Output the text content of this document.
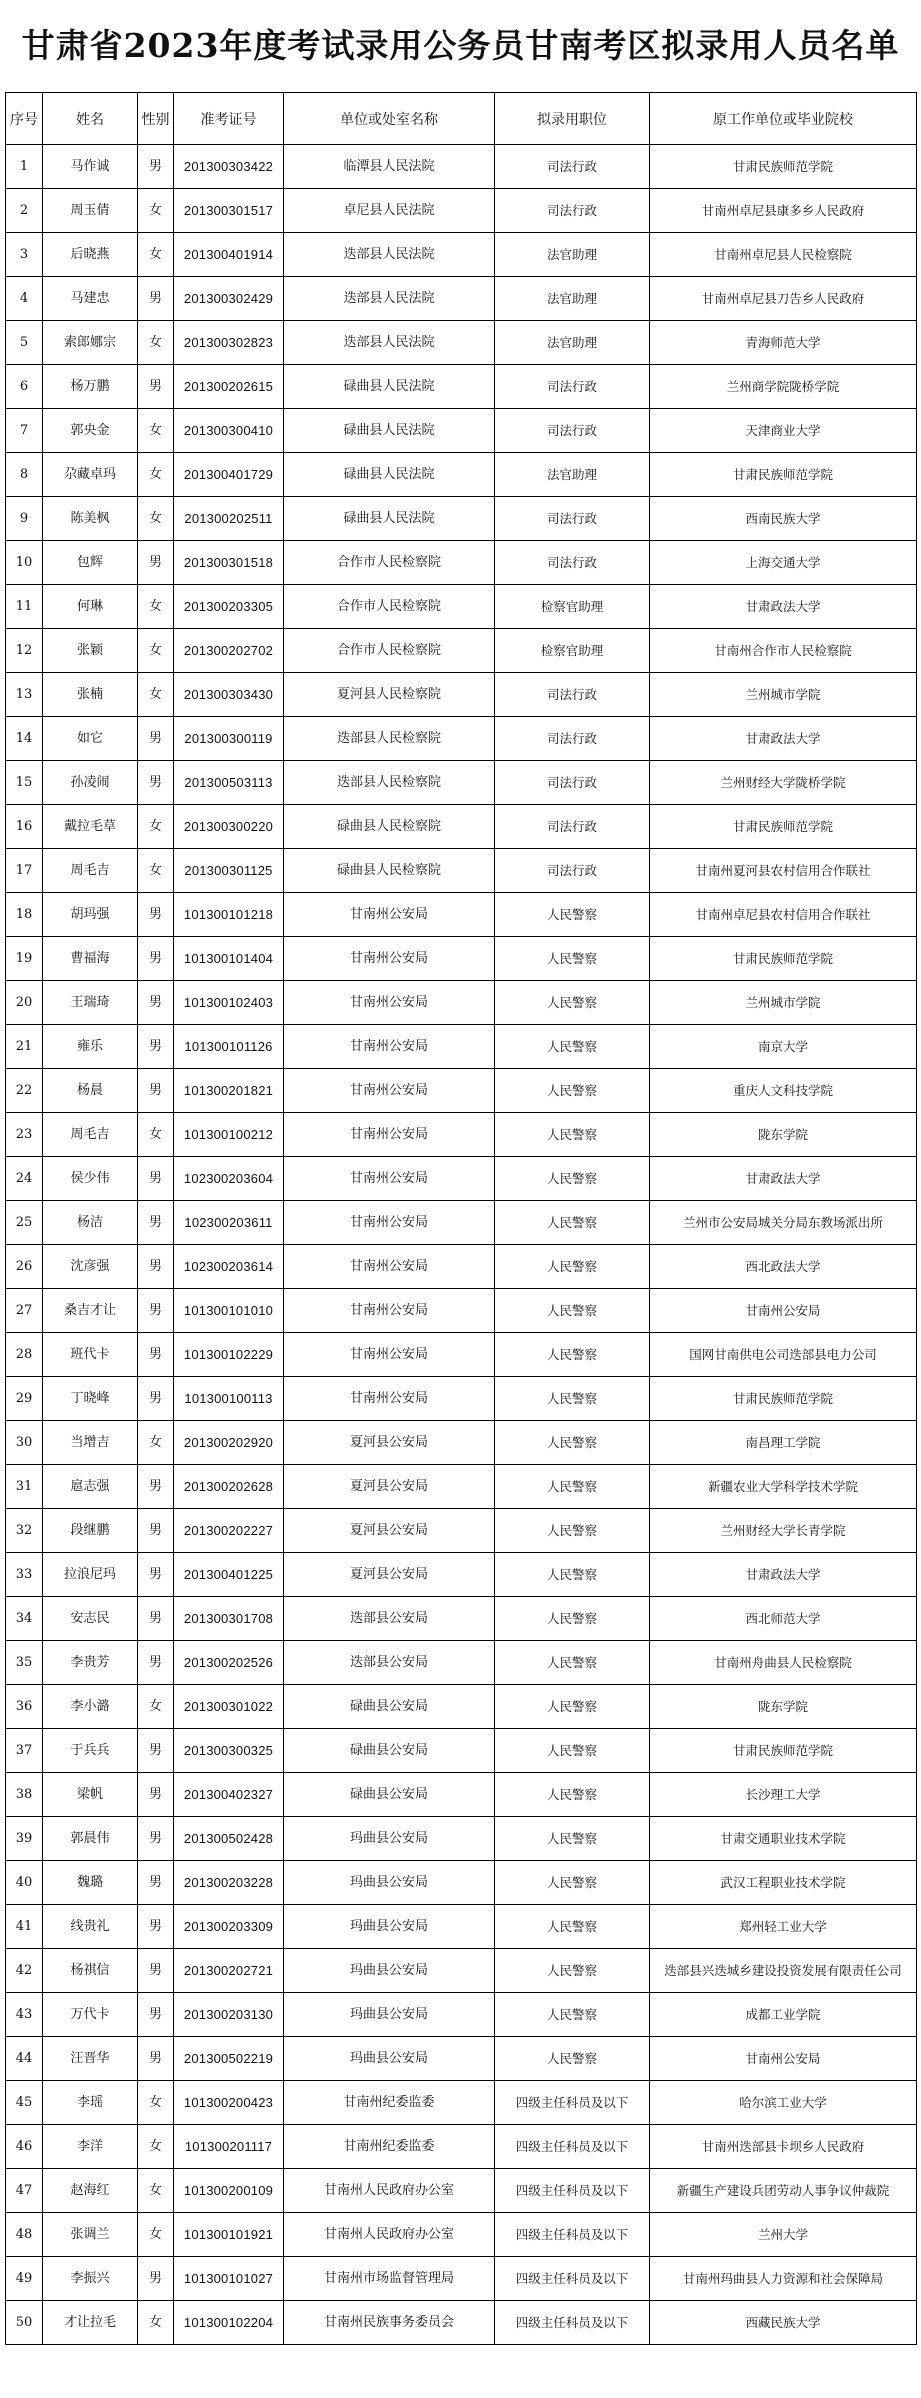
甘肃省2023年度考试录用公务员甘南考区拟录用人员名单
序号	姓名	性别	准考证号	单位或处室名称	拟录用职位	原工作单位或毕业院校
1	马作诚	男	201300303422	临潭县人民法院	司法行政	甘肃民族师范学院
2	周玉倩	女	201300301517	卓尼县人民法院	司法行政	甘南州卓尼县康多乡人民政府
3	后晓燕	女	201300401914	迭部县人民法院	法官助理	甘南州卓尼县人民检察院
4	马建忠	男	201300302429	迭部县人民法院	法官助理	甘南州卓尼县刀告乡人民政府
5	索郎娜宗	女	201300302823	迭部县人民法院	法官助理	青海师范大学
6	杨万鹏	男	201300202615	碌曲县人民法院	司法行政	兰州商学院陇桥学院
7	郭央金	女	201300300410	碌曲县人民法院	司法行政	天津商业大学
8	尕藏卓玛	女	201300401729	碌曲县人民法院	法官助理	甘肃民族师范学院
9	陈美枫	女	201300202511	碌曲县人民法院	司法行政	西南民族大学
10	包辉	男	201300301518	合作市人民检察院	司法行政	上海交通大学
11	何琳	女	201300203305	合作市人民检察院	检察官助理	甘肃政法大学
12	张颖	女	201300202702	合作市人民检察院	检察官助理	甘南州合作市人民检察院
13	张楠	女	201300303430	夏河县人民检察院	司法行政	兰州城市学院
14	如它	男	201300300119	迭部县人民检察院	司法行政	甘肃政法大学
15	孙凌闹	男	201300503113	迭部县人民检察院	司法行政	兰州财经大学陇桥学院
16	戴拉毛草	女	201300300220	碌曲县人民检察院	司法行政	甘肃民族师范学院
17	周毛吉	女	201300301125	碌曲县人民检察院	司法行政	甘南州夏河县农村信用合作联社
18	胡玛强	男	101300101218	甘南州公安局	人民警察	甘南州卓尼县农村信用合作联社
19	曹福海	男	101300101404	甘南州公安局	人民警察	甘肃民族师范学院
20	王瑞琦	男	101300102403	甘南州公安局	人民警察	兰州城市学院
21	雍乐	男	101300101126	甘南州公安局	人民警察	南京大学
22	杨晨	男	101300201821	甘南州公安局	人民警察	重庆人文科技学院
23	周毛吉	女	101300100212	甘南州公安局	人民警察	陇东学院
24	侯少伟	男	102300203604	甘南州公安局	人民警察	甘肃政法大学
25	杨洁	男	102300203611	甘南州公安局	人民警察	兰州市公安局城关分局东教场派出所
26	沈彦强	男	102300203614	甘南州公安局	人民警察	西北政法大学
27	桑吉才让	男	101300101010	甘南州公安局	人民警察	甘南州公安局
28	班代卡	男	101300102229	甘南州公安局	人民警察	国网甘南供电公司迭部县电力公司
29	丁晓峰	男	101300100113	甘南州公安局	人民警察	甘肃民族师范学院
30	当增吉	女	201300202920	夏河县公安局	人民警察	南昌理工学院
31	扈志强	男	201300202628	夏河县公安局	人民警察	新疆农业大学科学技术学院
32	段继鹏	男	201300202227	夏河县公安局	人民警察	兰州财经大学长青学院
33	拉浪尼玛	男	201300401225	夏河县公安局	人民警察	甘肃政法大学
34	安志民	男	201300301708	迭部县公安局	人民警察	西北师范大学
35	李贵芳	男	201300202526	迭部县公安局	人民警察	甘南州舟曲县人民检察院
36	李小潞	女	201300301022	碌曲县公安局	人民警察	陇东学院
37	于兵兵	男	201300300325	碌曲县公安局	人民警察	甘肃民族师范学院
38	梁帆	男	201300402327	碌曲县公安局	人民警察	长沙理工大学
39	郭晨伟	男	201300502428	玛曲县公安局	人民警察	甘肃交通职业技术学院
40	魏璐	男	201300203228	玛曲县公安局	人民警察	武汉工程职业技术学院
41	线贵礼	男	201300203309	玛曲县公安局	人民警察	郑州轻工业大学
42	杨祺信	男	201300202721	玛曲县公安局	人民警察	迭部县兴迭城乡建设投资发展有限责任公司
43	万代卡	男	201300203130	玛曲县公安局	人民警察	成都工业学院
44	汪晋华	男	201300502219	玛曲县公安局	人民警察	甘南州公安局
45	李瑶	女	101300200423	甘南州纪委监委	四级主任科员及以下	哈尔滨工业大学
46	李洋	女	101300201117	甘南州纪委监委	四级主任科员及以下	甘南州迭部县卡坝乡人民政府
47	赵海红	女	101300200109	甘南州人民政府办公室	四级主任科员及以下	新疆生产建设兵团劳动人事争议仲裁院
48	张调兰	女	101300101921	甘南州人民政府办公室	四级主任科员及以下	兰州大学
49	李振兴	男	101300101027	甘南州市场监督管理局	四级主任科员及以下	甘南州玛曲县人力资源和社会保障局
50	才让拉毛	女	101300102204	甘南州民族事务委员会	四级主任科员及以下	西藏民族大学
